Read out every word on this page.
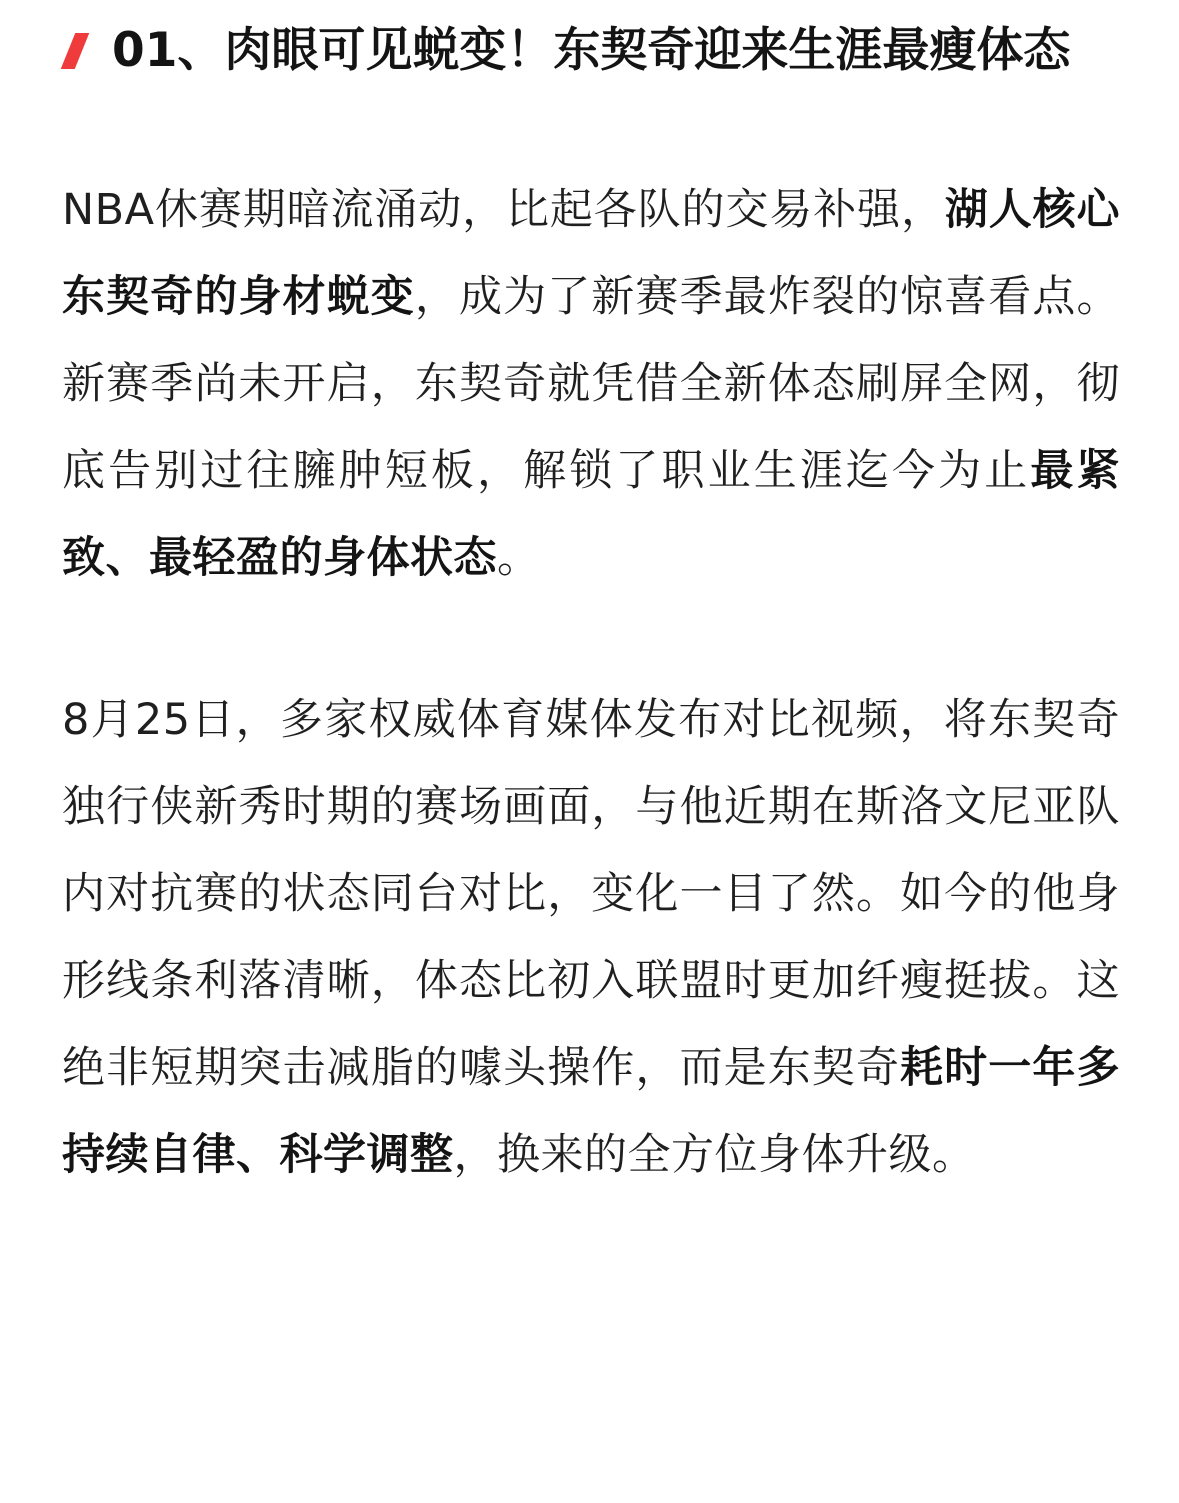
01、肉眼可见蜕变！东契奇迎来生涯最瘦体态

NBA休赛期暗流涌动，比起各队的交易补强，湖人核心东契奇的身材蜕变，成为了新赛季最炸裂的惊喜看点。新赛季尚未开启，东契奇就凭借全新体态刷屏全网，彻底告别过往臃肿短板，解锁了职业生涯迄今为止最紧致、最轻盈的身体状态。

8月25日，多家权威体育媒体发布对比视频，将东契奇独行侠新秀时期的赛场画面，与他近期在斯洛文尼亚队内对抗赛的状态同台对比，变化一目了然。如今的他身形线条利落清晰，体态比初入联盟时更加纤瘦挺拔。这绝非短期突击减脂的噱头操作，而是东契奇耗时一年多持续自律、科学调整，换来的全方位身体升级。
